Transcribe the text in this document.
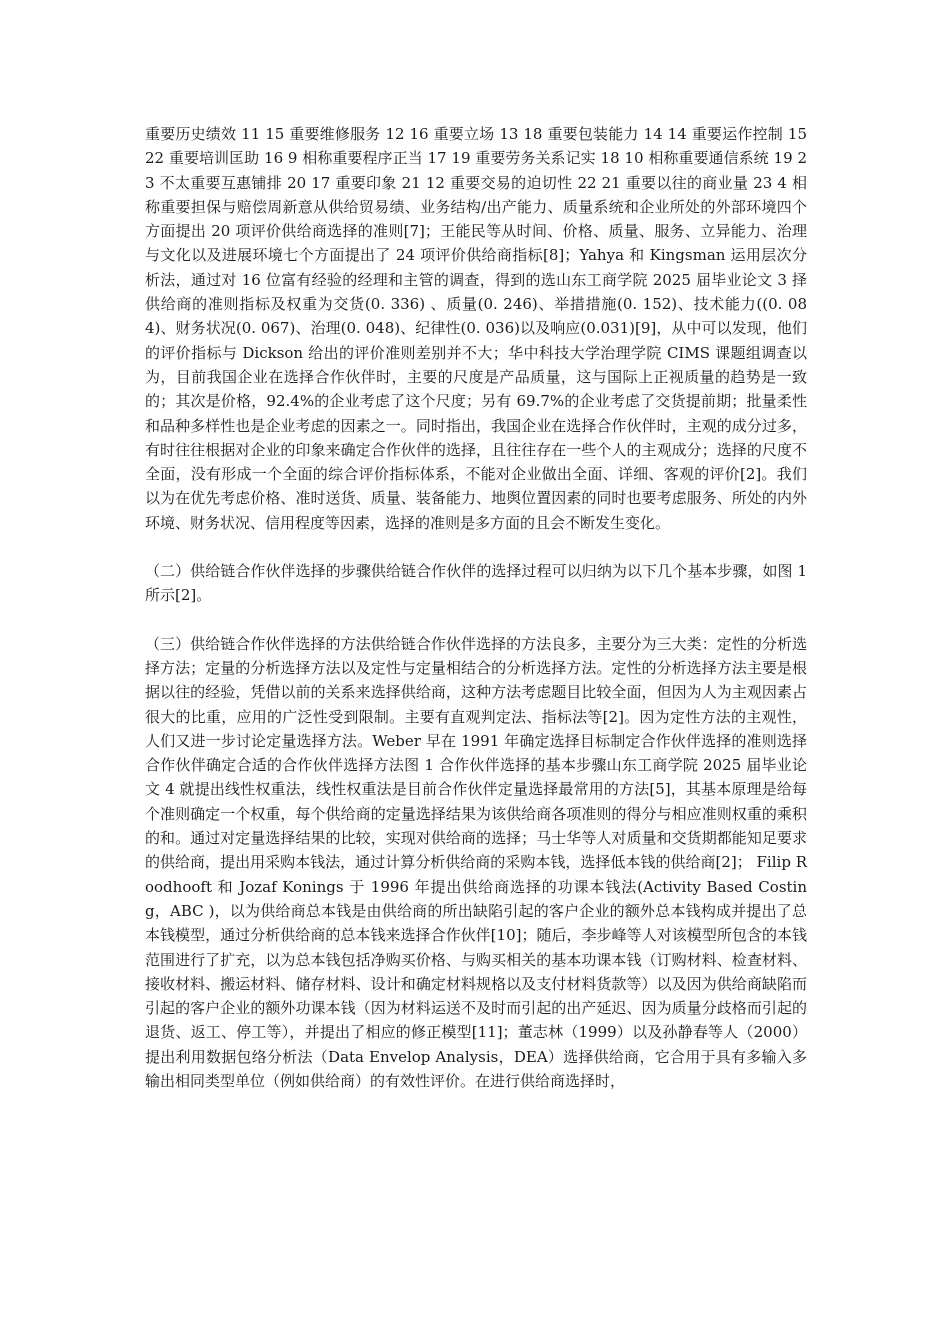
重要历史绩效 11 15 重要维修服务 12 16 重要立场 13 18 重要包装能力 14 14 重要运作控制 15 22 重要培训匡助 16 9 相称重要程序正当 17 19 重要劳务关系记实 18 10 相称重要通信系统 19 23 不太重要互惠铺排 20 17 重要印象 21 12 重要交易的迫切性 22 21 重要以往的商业量 23 4 相称重要担保与赔偿周新意从供给贸易绩、业务结构/出产能力、质量系统和企业所处的外部环境四个方面提出 20 项评价供给商选择的准则[7]；王能民等从时间、价格、质量、服务、立异能力、治理与文化以及进展环境七个方面提出了 24 项评价供给商指标[8]；Yahya 和 Kingsman 运用层次分析法，通过对 16 位富有经验的经理和主管的调查，得到的选山东工商学院 2025 届毕业论文 3 择供给商的准则指标及权重为交货(0. 336) 、质量(0. 246)、举措措施(0. 152)、技术能力((0. 084)、财务状况(0. 067)、治理(0. 048)、纪律性(0. 036)以及响应(0.031)[9]，从中可以发现，他们的评价指标与 Dickson 给出的评价准则差别并不大；华中科技大学治理学院 CIMS 课题组调查以为，目前我国企业在选择合作伙伴时，主要的尺度是产品质量，这与国际上正视质量的趋势是一致的；其次是价格，92.4%的企业考虑了这个尺度；另有 69.7%的企业考虑了交货提前期；批量柔性和品种多样性也是企业考虑的因素之一。同时指出，我国企业在选择合作伙伴时，主观的成分过多，有时往往根据对企业的印象来确定合作伙伴的选择，且往往存在一些个人的主观成分；选择的尺度不全面，没有形成一个全面的综合评价指标体系，不能对企业做出全面、详细、客观的评价[2]。我们以为在优先考虑价格、准时送货、质量、装备能力、地舆位置因素的同时也要考虑服务、所处的内外环境、财务状况、信用程度等因素，选择的准则是多方面的且会不断发生变化。

（二）供给链合作伙伴选择的步骤供给链合作伙伴的选择过程可以归纳为以下几个基本步骤，如图 1 所示[2]。

（三）供给链合作伙伴选择的方法供给链合作伙伴选择的方法良多，主要分为三大类：定性的分析选择方法；定量的分析选择方法以及定性与定量相结合的分析选择方法。定性的分析选择方法主要是根据以往的经验，凭借以前的关系来选择供给商，这种方法考虑题目比较全面，但因为人为主观因素占很大的比重，应用的广泛性受到限制。主要有直观判定法、指标法等[2]。因为定性方法的主观性，人们又进一步讨论定量选择方法。Weber 早在 1991 年确定选择目标制定合作伙伴选择的准则选择合作伙伴确定合适的合作伙伴选择方法图 1 合作伙伴选择的基本步骤山东工商学院 2025 届毕业论文 4 就提出线性权重法，线性权重法是目前合作伙伴定量选择最常用的方法[5]，其基本原理是给每个准则确定一个权重，每个供给商的定量选择结果为该供给商各项准则的得分与相应准则权重的乘积的和。通过对定量选择结果的比较，实现对供给商的选择；马士华等人对质量和交货期都能知足要求的供给商，提出用采购本钱法，通过计算分析供给商的采购本钱，选择低本钱的供给商[2]； Filip Roodhooft 和 Jozaf Konings 于 1996 年提出供给商选择的功课本钱法(Activity Based Costing，ABC )，以为供给商总本钱是由供给商的所出缺陷引起的客户企业的额外总本钱构成并提出了总本钱模型，通过分析供给商的总本钱来选择合作伙伴[10]；随后，李步峰等人对该模型所包含的本钱范围进行了扩充，以为总本钱包括净购买价格、与购买相关的基本功课本钱（订购材料、检查材料、接收材料、搬运材料、储存材料、设计和确定材料规格以及支付材料货款等）以及因为供给商缺陷而引起的客户企业的额外功课本钱（因为材料运送不及时而引起的出产延迟、因为质量分歧格而引起的退货、返工、停工等），并提出了相应的修正模型[11]；董志林（1999）以及孙静春等人（2000）提出利用数据包络分析法（Data Envelop Analysis，DEA）选择供给商，它合用于具有多输入多输出相同类型单位（例如供给商）的有效性评价。在进行供给商选择时，
